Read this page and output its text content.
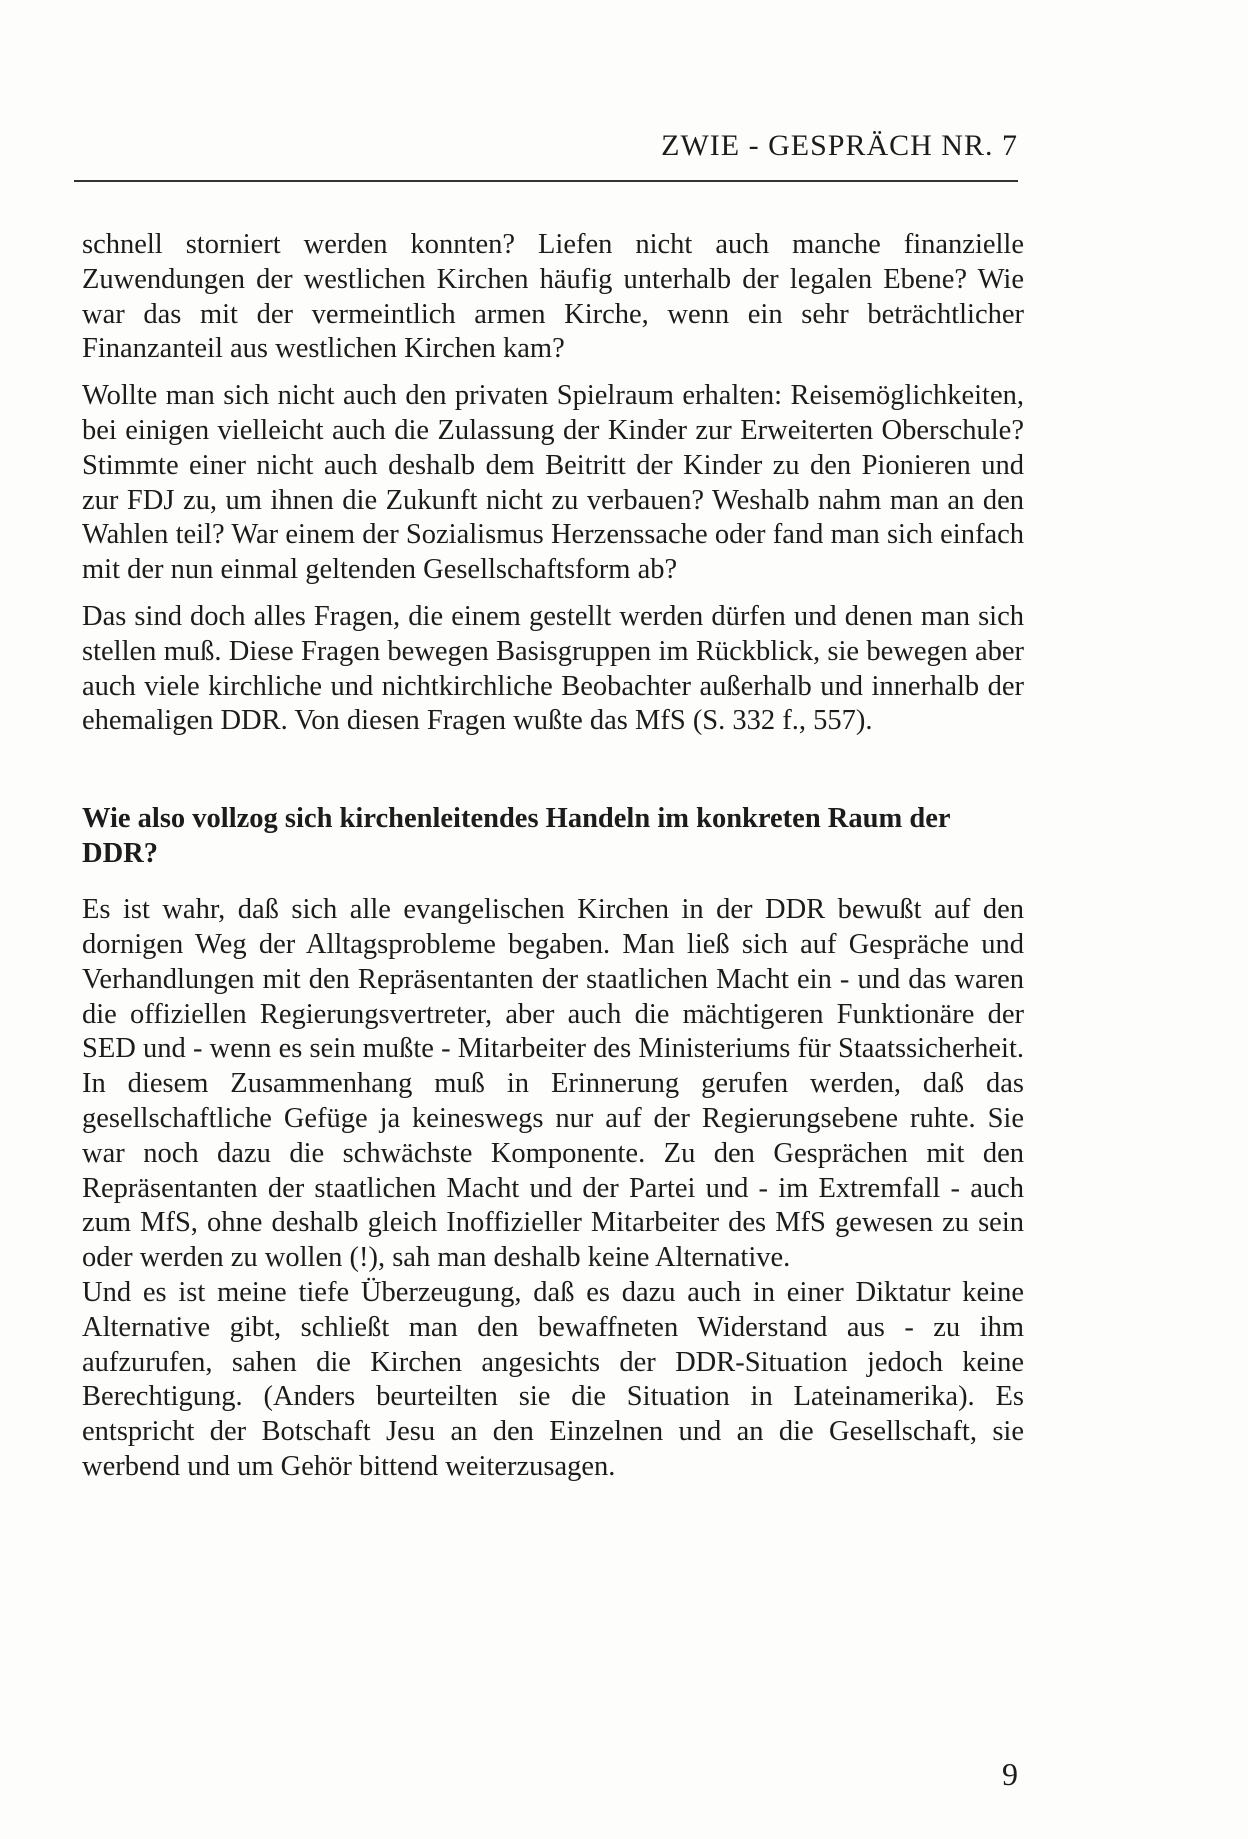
ZWIE - GESPRÄCH NR. 7

schnell storniert werden konnten? Liefen nicht auch manche finanzielle Zuwendungen der westlichen Kirchen häufig unterhalb der legalen Ebene? Wie war das mit der vermeintlich armen Kirche, wenn ein sehr beträchtlicher Finanzanteil aus westlichen Kirchen kam?

Wollte man sich nicht auch den privaten Spielraum erhalten: Reisemöglichkeiten, bei einigen vielleicht auch die Zulassung der Kinder zur Erweiterten Oberschule? Stimmte einer nicht auch deshalb dem Beitritt der Kinder zu den Pionieren und zur FDJ zu, um ihnen die Zukunft nicht zu verbauen? Weshalb nahm man an den Wahlen teil? War einem der Sozialismus Herzenssache oder fand man sich einfach mit der nun einmal geltenden Gesellschaftsform ab?

Das sind doch alles Fragen, die einem gestellt werden dürfen und denen man sich stellen muß. Diese Fragen bewegen Basisgruppen im Rückblick, sie bewegen aber auch viele kirchliche und nichtkirchliche Beobachter außerhalb und innerhalb der ehemaligen DDR. Von diesen Fragen wußte das MfS (S. 332 f., 557).

Wie also vollzog sich kirchenleitendes Handeln im konkreten Raum der DDR?

Es ist wahr, daß sich alle evangelischen Kirchen in der DDR bewußt auf den dornigen Weg der Alltagsprobleme begaben. Man ließ sich auf Gespräche und Verhandlungen mit den Repräsentanten der staatlichen Macht ein - und das waren die offiziellen Regierungsvertreter, aber auch die mächtigeren Funktionäre der SED und - wenn es sein mußte - Mitarbeiter des Ministeriums für Staatssicherheit. In diesem Zusammenhang muß in Erinnerung gerufen werden, daß das gesellschaftliche Gefüge ja keineswegs nur auf der Regierungsebene ruhte. Sie war noch dazu die schwächste Komponente. Zu den Gesprächen mit den Repräsentanten der staatlichen Macht und der Partei und - im Extremfall - auch zum MfS, ohne deshalb gleich Inoffizieller Mitarbeiter des MfS gewesen zu sein oder werden zu wollen (!), sah man deshalb keine Alternative.

Und es ist meine tiefe Überzeugung, daß es dazu auch in einer Diktatur keine Alternative gibt, schließt man den bewaffneten Widerstand aus - zu ihm aufzurufen, sahen die Kirchen angesichts der DDR-Situation jedoch keine Berechtigung. (Anders beurteilten sie die Situation in Lateinamerika). Es entspricht der Botschaft Jesu an den Einzelnen und an die Gesellschaft, sie werbend und um Gehör bittend weiterzusagen.

9
